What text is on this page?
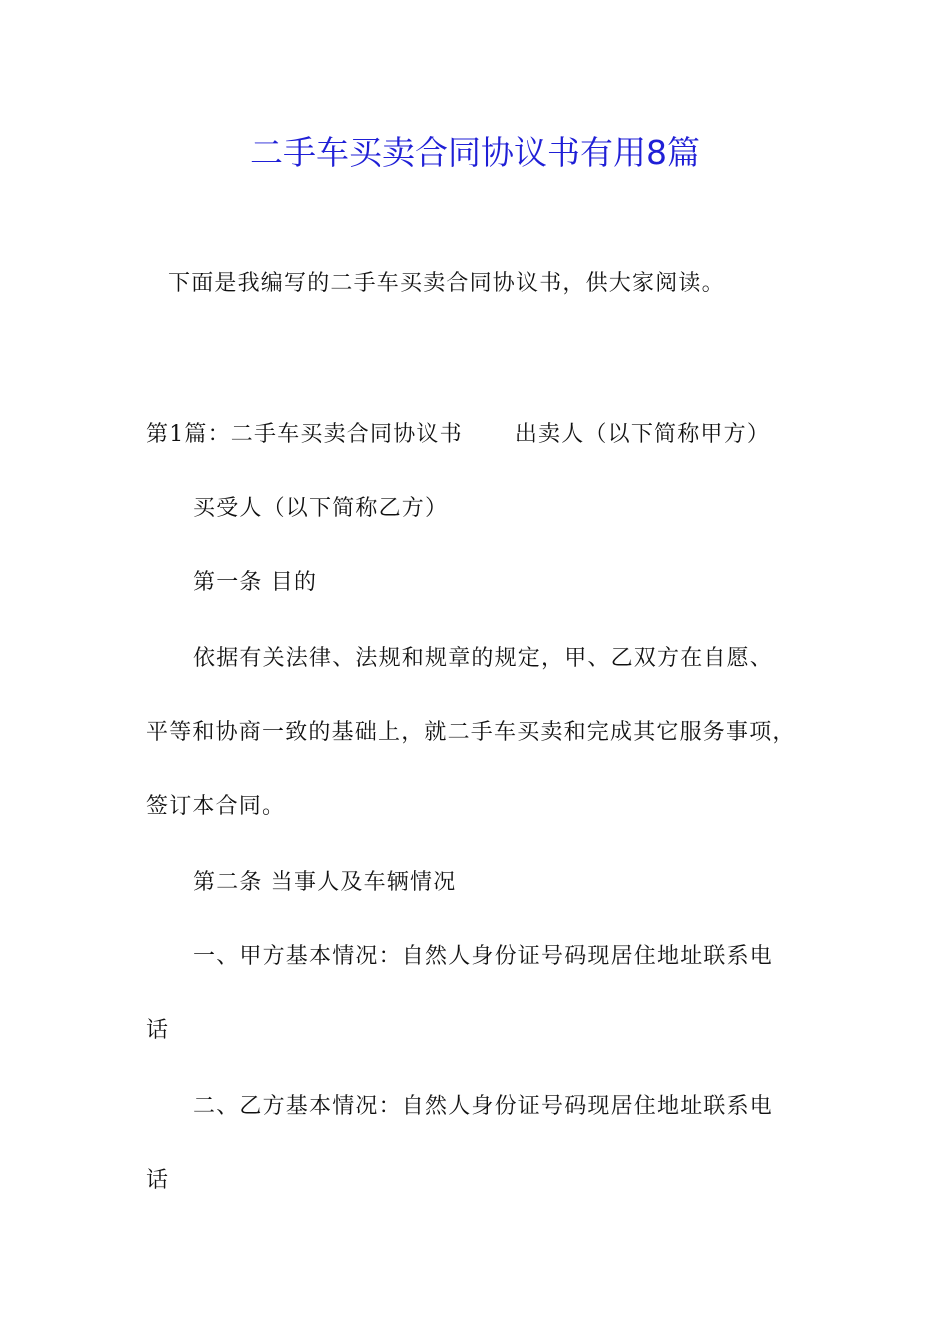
二手车买卖合同协议书有用8篇
下面是我编写的二手车买卖合同协议书，供大家阅读。
第1篇：二手车买卖合同协议书 出卖人（以下简称甲方）
买受人（以下简称乙方）
第一条 目的
依据有关法律、法规和规章的规定，甲、乙双方在自愿、
平等和协商一致的基础上，就二手车买卖和完成其它服务事项，
签订本合同。
第二条 当事人及车辆情况
一、甲方基本情况：自然人身份证号码现居住地址联系电
话
二、乙方基本情况：自然人身份证号码现居住地址联系电
话
